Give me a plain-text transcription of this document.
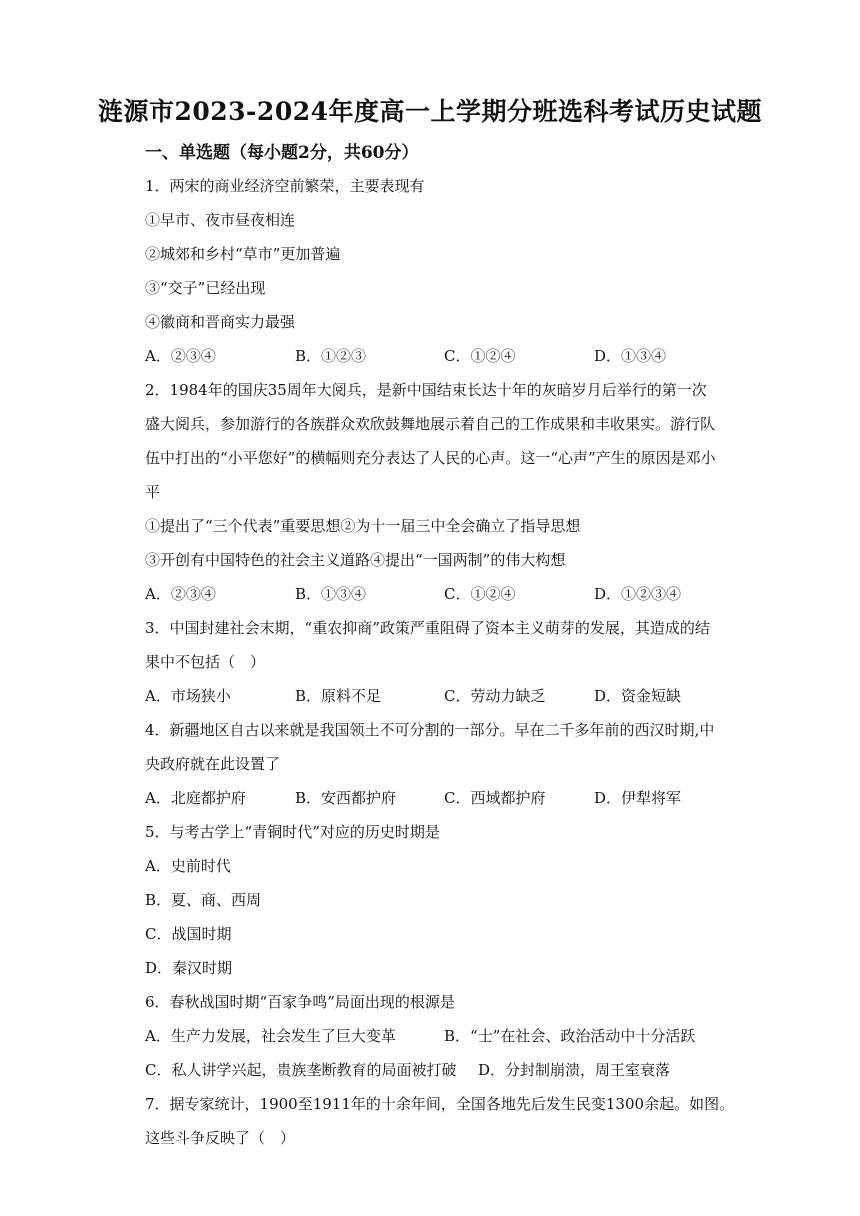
涟源市2023-2024年度高一上学期分班选科考试历史试题
一、单选题（每小题2分，共60分）
1．两宋的商业经济空前繁荣，主要表现有
①早市、夜市昼夜相连
②城郊和乡村“草市”更加普遍
③“交子”已经出现
④徽商和晋商实力最强
A．②③④	B．①②③	C．①②④	D．①③④
2．1984年的国庆35周年大阅兵，是新中国结束长达十年的灰暗岁月后举行的第一次
盛大阅兵，参加游行的各族群众欢欣鼓舞地展示着自己的工作成果和丰收果实。游行队
伍中打出的“小平您好”的横幅则充分表达了人民的心声。这一“心声”产生的原因是邓小
平
①提出了“三个代表”重要思想②为十一届三中全会确立了指导思想
③开创有中国特色的社会主义道路④提出“一国两制”的伟大构想
A．②③④	B．①③④	C．①②④	D．①②③④
3．中国封建社会末期，“重农抑商”政策严重阻碍了资本主义萌芽的发展，其造成的结
果中不包括（　）
A．市场狭小	B．原料不足	C．劳动力缺乏	D．资金短缺
4．新疆地区自古以来就是我国领土不可分割的一部分。早在二千多年前的西汉时期,中
央政府就在此设置了
A．北庭都护府	B．安西都护府	C．西域都护府	D．伊犁将军
5．与考古学上“青铜时代”对应的历史时期是
A．史前时代
B．夏、商、西周
C．战国时期
D．秦汉时期
6．春秋战国时期“百家争鸣”局面出现的根源是
A．生产力发展，社会发生了巨大变革	B．“士”在社会、政治活动中十分活跃
C．私人讲学兴起，贵族垄断教育的局面被打破 D．分封制崩溃，周王室衰落
7．据专家统计，1900至1911年的十余年间，全国各地先后发生民变1300余起。如图。
这些斗争反映了（　）
